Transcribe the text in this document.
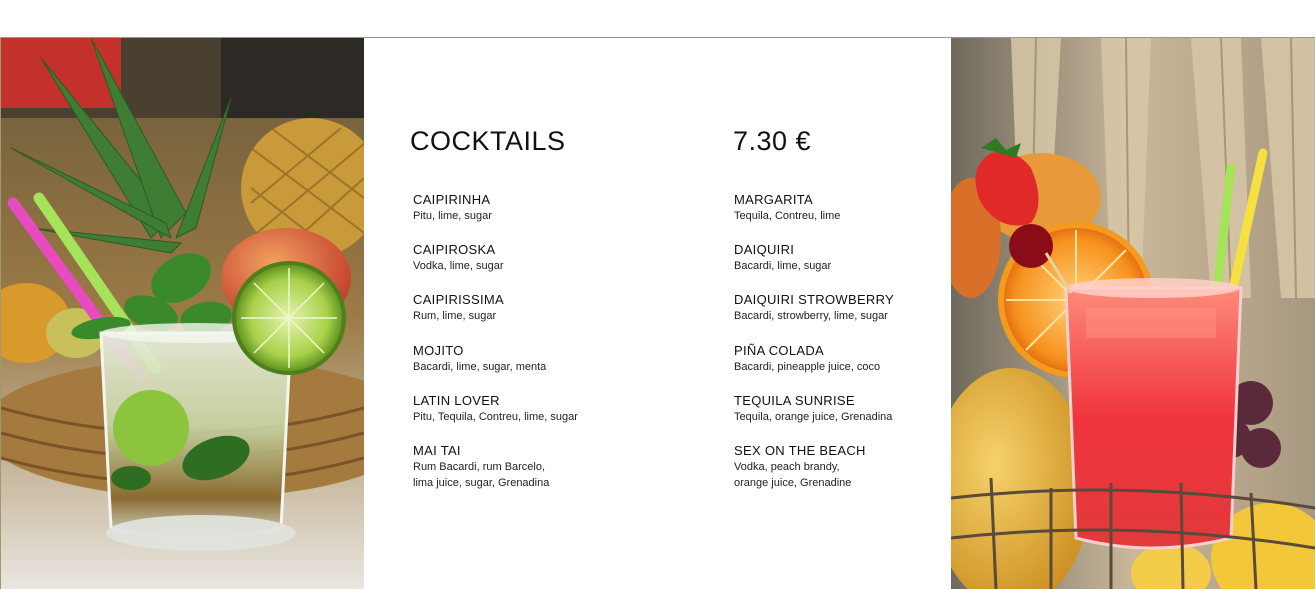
COCKTAILS	7.30 €
CAIPIRINHA
Pitu, lime, sugar
CAIPIROSKA
Vodka, lime, sugar
CAIPIRISSIMA
Rum, lime, sugar
MOJITO
Bacardi, lime, sugar, menta
LATIN LOVER
Pitu, Tequila, Contreu, lime, sugar
MAI TAI
Rum Bacardi, rum Barcelo,
lima juice, sugar, Grenadina
MARGARITA
Tequila, Contreu, lime
DAIQUIRI
Bacardi, lime, sugar
DAIQUIRI STROWBERRY
Bacardi, strowberry, lime, sugar
PIÑA COLADA
Bacardi, pineapple juice, coco
TEQUILA SUNRISE
Tequila, orange juice, Grenadina
SEX ON THE BEACH
Vodka, peach brandy,
orange juice, Grenadine
